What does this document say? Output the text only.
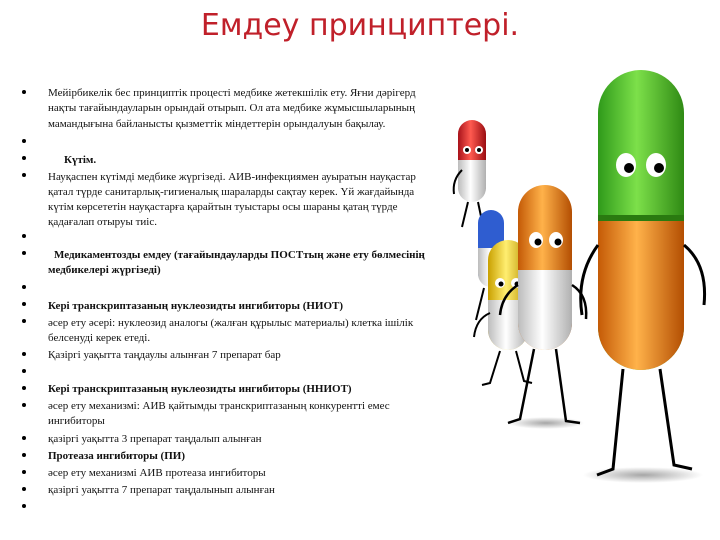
Емдеу принциптері.
Мейірбикелік бес принциптік процесті медбике жетекшілік ету. Яғни дәрігерд
нақты тағайындауларын орындай отырып. Ол ата медбике жұмысшыларының
мамандығына байланысты қызметтік міндеттерін орындалуын бақылау.
Күтім.
Науқаспен күтімді медбике жүргізеді. АИВ-инфекциямен ауыратын науқастар
қатал түрде санитарлық-гигиеналық шараларды сақтау керек. Үй жағдайында
күтім көрсететін науқастарға қарайтын туыстары осы шараны қатаң түрде
қадағалап отыруы тиіс.
Медикаментозды емдеу (тағайындауларды ПОСТтың және ету бөлмесінің
медбикелері жүргізеді)
Кері транскриптазаның нуклеозидты ингибиторы (НИОТ)
әсер ету әсері: нуклеозид аналогы (жалған құрылыс материалы) клетка ішілік
белсенуді керек етеді.
Қазіргі уақытта таңдаулы алынған 7 препарат бар
Кері транскриптазаның нуклеозидты ингибиторы (ННИОТ)
әсер ету механизмі: АИВ қайтымды транскриптазаның конкурентті емес
ингибиторы
қазіргі уақытта 3 препарат таңдалып алынған
Протеаза ингибиторы (ПИ)
әсер ету механизмі АИВ протеаза ингибиторы
қазіргі уақытта 7 препарат таңдалынып алынған
